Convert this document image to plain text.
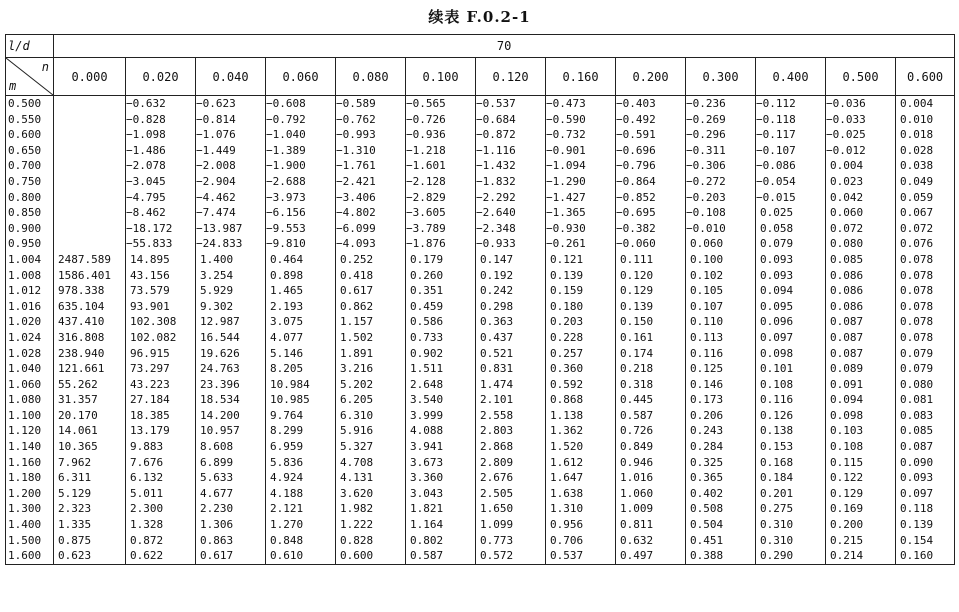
续表 F.0.2-1
l/d	70												

n
m	0.000	0.020	0.040	0.060	0.080	0.100	0.120	0.160	0.200	0.300	0.400	0.500	0.600
0.500		−0.632	−0.623	−0.608	−0.589	−0.565	−0.537	−0.473	−0.403	−0.236	−0.112	−0.036	0.004
0.550		−0.828	−0.814	−0.792	−0.762	−0.726	−0.684	−0.590	−0.492	−0.269	−0.118	−0.033	0.010
0.600		−1.098	−1.076	−1.040	−0.993	−0.936	−0.872	−0.732	−0.591	−0.296	−0.117	−0.025	0.018
0.650		−1.486	−1.449	−1.389	−1.310	−1.218	−1.116	−0.901	−0.696	−0.311	−0.107	−0.012	0.028
0.700		−2.078	−2.008	−1.900	−1.761	−1.601	−1.432	−1.094	−0.796	−0.306	−0.086	0.004	0.038
0.750		−3.045	−2.904	−2.688	−2.421	−2.128	−1.832	−1.290	−0.864	−0.272	−0.054	0.023	0.049
0.800		−4.795	−4.462	−3.973	−3.406	−2.829	−2.292	−1.427	−0.852	−0.203	−0.015	0.042	0.059
0.850		−8.462	−7.474	−6.156	−4.802	−3.605	−2.640	−1.365	−0.695	−0.108	0.025	0.060	0.067
0.900		−18.172	−13.987	−9.553	−6.099	−3.789	−2.348	−0.930	−0.382	−0.010	0.058	0.072	0.072
0.950		−55.833	−24.833	−9.810	−4.093	−1.876	−0.933	−0.261	−0.060	0.060	0.079	0.080	0.076
1.004	2487.589	14.895	1.400	0.464	0.252	0.179	0.147	0.121	0.111	0.100	0.093	0.085	0.078
1.008	1586.401	43.156	3.254	0.898	0.418	0.260	0.192	0.139	0.120	0.102	0.093	0.086	0.078
1.012	978.338	73.579	5.929	1.465	0.617	0.351	0.242	0.159	0.129	0.105	0.094	0.086	0.078
1.016	635.104	93.901	9.302	2.193	0.862	0.459	0.298	0.180	0.139	0.107	0.095	0.086	0.078
1.020	437.410	102.308	12.987	3.075	1.157	0.586	0.363	0.203	0.150	0.110	0.096	0.087	0.078
1.024	316.808	102.082	16.544	4.077	1.502	0.733	0.437	0.228	0.161	0.113	0.097	0.087	0.078
1.028	238.940	96.915	19.626	5.146	1.891	0.902	0.521	0.257	0.174	0.116	0.098	0.087	0.079
1.040	121.661	73.297	24.763	8.205	3.216	1.511	0.831	0.360	0.218	0.125	0.101	0.089	0.079
1.060	55.262	43.223	23.396	10.984	5.202	2.648	1.474	0.592	0.318	0.146	0.108	0.091	0.080
1.080	31.357	27.184	18.534	10.985	6.205	3.540	2.101	0.868	0.445	0.173	0.116	0.094	0.081
1.100	20.170	18.385	14.200	9.764	6.310	3.999	2.558	1.138	0.587	0.206	0.126	0.098	0.083
1.120	14.061	13.179	10.957	8.299	5.916	4.088	2.803	1.362	0.726	0.243	0.138	0.103	0.085
1.140	10.365	9.883	8.608	6.959	5.327	3.941	2.868	1.520	0.849	0.284	0.153	0.108	0.087
1.160	7.962	7.676	6.899	5.836	4.708	3.673	2.809	1.612	0.946	0.325	0.168	0.115	0.090
1.180	6.311	6.132	5.633	4.924	4.131	3.360	2.676	1.647	1.016	0.365	0.184	0.122	0.093
1.200	5.129	5.011	4.677	4.188	3.620	3.043	2.505	1.638	1.060	0.402	0.201	0.129	0.097
1.300	2.323	2.300	2.230	2.121	1.982	1.821	1.650	1.310	1.009	0.508	0.275	0.169	0.118
1.400	1.335	1.328	1.306	1.270	1.222	1.164	1.099	0.956	0.811	0.504	0.310	0.200	0.139
1.500	0.875	0.872	0.863	0.848	0.828	0.802	0.773	0.706	0.632	0.451	0.310	0.215	0.154
1.600	0.623	0.622	0.617	0.610	0.600	0.587	0.572	0.537	0.497	0.388	0.290	0.214	0.160
